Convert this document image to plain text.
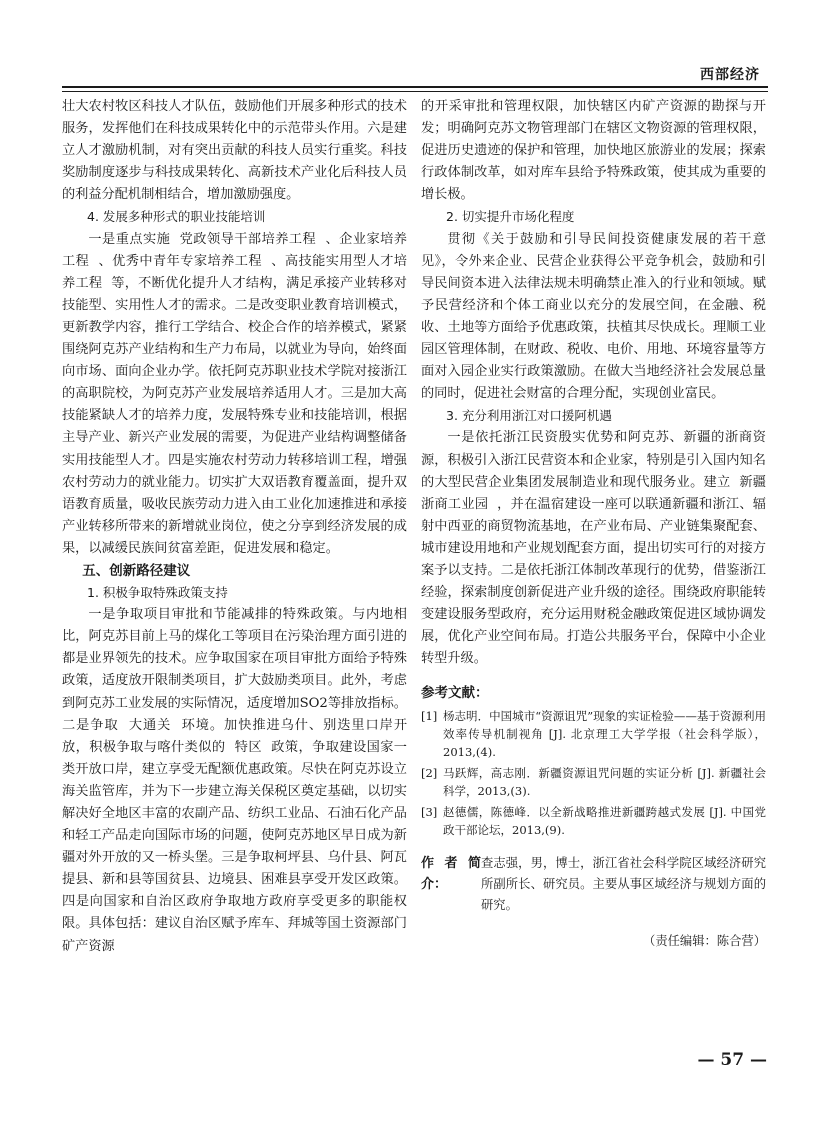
西部经济

壮大农村牧区科技人才队伍，鼓励他们开展多种形式的技术服务，发挥他们在科技成果转化中的示范带头作用。六是建立人才激励机制，对有突出贡献的科技人员实行重奖。科技奖励制度逐步与科技成果转化、高新技术产业化后科技人员的利益分配机制相结合，增加激励强度。

4. 发展多种形式的职业技能培训

一是重点实施  党政领导干部培养工程  、企业家培养工程  、优秀中青年专家培养工程  、高技能实用型人才培养工程  等，不断优化提升人才结构，满足承接产业转移对技能型、实用性人才的需求。二是改变职业教育培训模式，更新教学内容，推行工学结合、校企合作的培养模式，紧紧围绕阿克苏产业结构和生产力布局，以就业为导向，始终面向市场、面向企业办学。依托阿克苏职业技术学院对接浙江的高职院校，为阿克苏产业发展培养适用人才。三是加大高技能紧缺人才的培养力度，发展特殊专业和技能培训，根据主导产业、新兴产业发展的需要，为促进产业结构调整储备实用技能型人才。四是实施农村劳动力转移培训工程，增强农村劳动力的就业能力。切实扩大双语教育覆盖面，提升双语教育质量，吸收民族劳动力进入由工业化加速推进和承接产业转移所带来的新增就业岗位，使之分享到经济发展的成果，以减缓民族间贫富差距，促进发展和稳定。

五、创新路径建议

1. 积极争取特殊政策支持

一是争取项目审批和节能减排的特殊政策。与内地相比，阿克苏目前上马的煤化工等项目在污染治理方面引进的都是业界领先的技术。应争取国家在项目审批方面给予特殊政策，适度放开限制类项目，扩大鼓励类项目。此外，考虑到阿克苏工业发展的实际情况，适度增加SO2等排放指标。二是争取  大通关  环境。加快推进乌什、别迭里口岸开放，积极争取与喀什类似的  特区  政策，争取建设国家一类开放口岸，建立享受无配额优惠政策。尽快在阿克苏设立海关监管库，并为下一步建立海关保税区奠定基础，以切实解决好全地区丰富的农副产品、纺织工业品、石油石化产品和轻工产品走向国际市场的问题，使阿克苏地区早日成为新疆对外开放的又一桥头堡。三是争取柯坪县、乌什县、阿瓦提县、新和县等国贫县、边境县、困难县享受开发区政策。四是向国家和自治区政府争取地方政府享受更多的职能权限。具体包括：建议自治区赋予库车、拜城等国土资源部门矿产资源

的开采审批和管理权限，加快辖区内矿产资源的勘探与开发；明确阿克苏文物管理部门在辖区文物资源的管理权限，促进历史遗迹的保护和管理，加快地区旅游业的发展；探索行政体制改革，如对库车县给予特殊政策，使其成为重要的增长极。

2. 切实提升市场化程度

贯彻《关于鼓励和引导民间投资健康发展的若干意见》，令外来企业、民营企业获得公平竞争机会，鼓励和引导民间资本进入法律法规未明确禁止准入的行业和领域。赋予民营经济和个体工商业以充分的发展空间，在金融、税收、土地等方面给予优惠政策，扶植其尽快成长。理顺工业园区管理体制，在财政、税收、电价、用地、环境容量等方面对入园企业实行政策激励。在做大当地经济社会发展总量的同时，促进社会财富的合理分配，实现创业富民。

3. 充分利用浙江对口援阿机遇

一是依托浙江民资殷实优势和阿克苏、新疆的浙商资源，积极引入浙江民营资本和企业家，特别是引入国内知名的大型民营企业集团发展制造业和现代服务业。建立  新疆浙商工业园  ，并在温宿建设一座可以联通新疆和浙江、辐射中西亚的商贸物流基地，在产业布局、产业链集聚配套、城市建设用地和产业规划配套方面，提出切实可行的对接方案予以支持。二是依托浙江体制改革现行的优势，借鉴浙江经验，探索制度创新促进产业升级的途径。围绕政府职能转变建设服务型政府，充分运用财税金融政策促进区域协调发展，优化产业空间布局。打造公共服务平台，保障中小企业转型升级。

参考文献：
[1] 杨志明．中国城市“资源诅咒”现象的实证检验——基于资源利用效率传导机制视角 [J]. 北京理工大学学报（社会科学版），2013,(4).
[2] 马跃辉，高志刚．新疆资源诅咒问题的实证分析 [J]. 新疆社会科学，2013,(3).
[3] 赵德儒，陈德峰．以全新战略推进新疆跨越式发展 [J]. 中国党政干部论坛，2013,(9).
作者简介：
查志强，男，博士，浙江省社会科学院区域经济研究所副所长、研究员。主要从事区域经济与规划方面的研究。
（责任编辑：陈合营）
— 57 —
